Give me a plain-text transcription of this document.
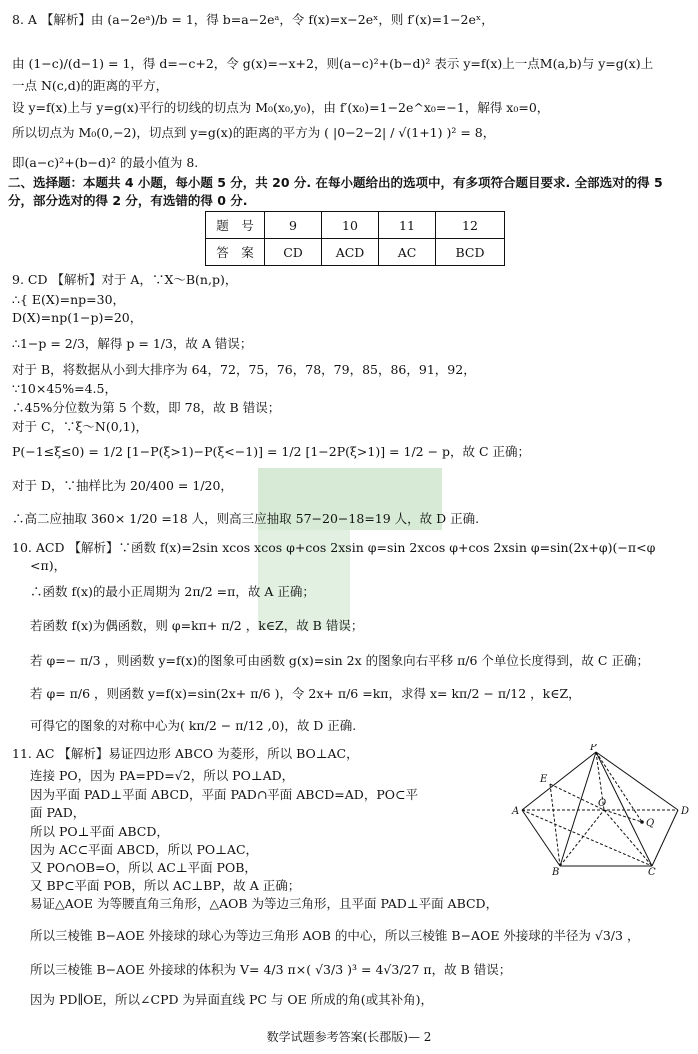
8. A 【解析】由 (a−2eᵃ)/b = 1，得 b=a−2eᵃ，令 f(x)=x−2eˣ，则 f′(x)=1−2eˣ，
由 (1−c)/(d−1) = 1，得 d=−c+2，令 g(x)=−x+2，则(a−c)²+(b−d)² 表示 y=f(x)上一点M(a,b)与 y=g(x)上
一点 N(c,d)的距离的平方，
设 y=f(x)上与 y=g(x)平行的切线的切点为 M₀(x₀,y₀)，由 f′(x₀)=1−2e^x₀=−1，解得 x₀=0，
所以切点为 M₀(0,−2)，切点到 y=g(x)的距离的平方为 ( |0−2−2| / √(1+1) )² = 8，
即(a−c)²+(b−d)² 的最小值为 8.
二、选择题：本题共 4 小题，每小题 5 分，共 20 分. 在每小题给出的选项中，有多项符合题目要求. 全部选对的得 5
分，部分选对的得 2 分，有选错的得 0 分.
题　号	9	10	11	12
答　案	CD	ACD	AC	BCD
9. CD 【解析】对于 A，∵X～B(n,p)，
∴{ E(X)=np=30，
D(X)=np(1−p)=20，
∴1−p = 2/3，解得 p = 1/3，故 A 错误；
对于 B，将数据从小到大排序为 64，72，75，76，78，79，85，86，91，92，
∵10×45%=4.5，
∴45%分位数为第 5 个数，即 78，故 B 错误；
对于 C，∵ξ～N(0,1)，
P(−1≤ξ≤0) = 1/2 [1−P(ξ>1)−P(ξ<−1)] = 1/2 [1−2P(ξ>1)] = 1/2 − p，故 C 正确；
对于 D，∵抽样比为 20/400 = 1/20，
∴高二应抽取 360× 1/20 =18 人，则高三应抽取 57−20−18=19 人，故 D 正确.
10. ACD 【解析】∵函数 f(x)=2sin xcos xcos φ+cos 2xsin φ=sin 2xcos φ+cos 2xsin φ=sin(2x+φ)(−π<φ
<π)，
∴函数 f(x)的最小正周期为 2π/2 =π，故 A 正确；
若函数 f(x)为偶函数，则 φ=kπ+ π/2 ，k∈Z，故 B 错误；
若 φ=− π/3 ，则函数 y=f(x)的图象可由函数 g(x)=sin 2x 的图象向右平移 π/6 个单位长度得到，故 C 正确；
若 φ= π/6 ，则函数 y=f(x)=sin(2x+ π/6 )，令 2x+ π/6 =kπ，求得 x= kπ/2 − π/12 ，k∈Z，
可得它的图象的对称中心为( kπ/2 − π/12 ,0)，故 D 正确.
11. AC 【解析】易证四边形 ABCO 为菱形，所以 BO⊥AC，
连接 PO，因为 PA=PD=√2，所以 PO⊥AD，
因为平面 PAD⊥平面 ABCD，平面 PAD∩平面 ABCD=AD，PO⊂平
面 PAD，
所以 PO⊥平面 ABCD，
因为 AC⊂平面 ABCD，所以 PO⊥AC，
又 PO∩OB=O，所以 AC⊥平面 POB，
又 BP⊂平面 POB，所以 AC⊥BP，故 A 正确；
易证△AOE 为等腰直角三角形，△AOB 为等边三角形，且平面 PAD⊥平面 ABCD，
所以三棱锥 B−AOE 外接球的球心为等边三角形 AOB 的中心，所以三棱锥 B−AOE 外接球的半径为 √3/3 ，
所以三棱锥 B−AOE 外接球的体积为 V= 4/3 π×( √3/3 )³ = 4√3/27 π，故 B 错误；
因为 PD∥OE，所以∠CPD 为异面直线 PC 与 OE 所成的角(或其补角)，
P
E
A
O
D
Q
B	C
数学试题参考答案(长郡版)— 2
